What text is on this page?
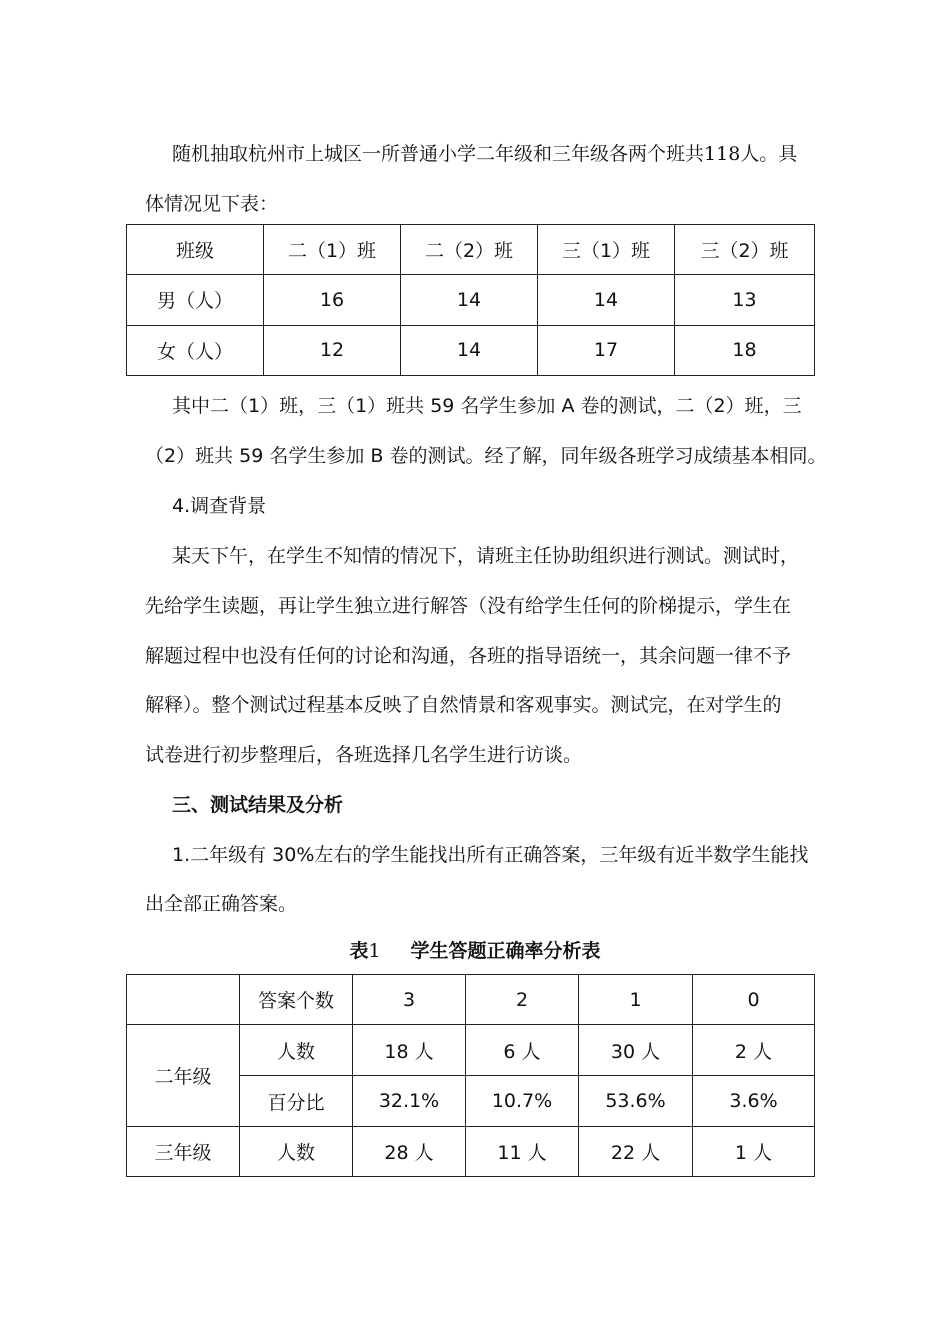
随机抽取杭州市上城区一所普通小学二年级和三年级各两个班共118人。具
体情况见下表：
班级	二（1）班	二（2）班	三（1）班	三（2）班
男（人）	16	14	14	13
女（人）	12	14	17	18
其中二（1）班，三（1）班共 59 名学生参加 A 卷的测试，二（2）班，三
（2）班共 59 名学生参加 B 卷的测试。经了解，同年级各班学习成绩基本相同。
4.调查背景
某天下午，在学生不知情的情况下，请班主任协助组织进行测试。测试时，
先给学生读题，再让学生独立进行解答（没有给学生任何的阶梯提示，学生在
解题过程中也没有任何的讨论和沟通，各班的指导语统一，其余问题一律不予
解释）。整个测试过程基本反映了自然情景和客观事实。测试完，在对学生的
试卷进行初步整理后，各班选择几名学生进行访谈。
三、测试结果及分析
1.二年级有 30%左右的学生能找出所有正确答案，三年级有近半数学生能找
出全部正确答案。
表1 学生答题正确率分析表
	答案个数	3	2	1	0
二年级	人数	18 人	6 人	30 人	2 人
	百分比	32.1%	10.7%	53.6%	3.6%
三年级	人数	28 人	11 人	22 人	1 人
